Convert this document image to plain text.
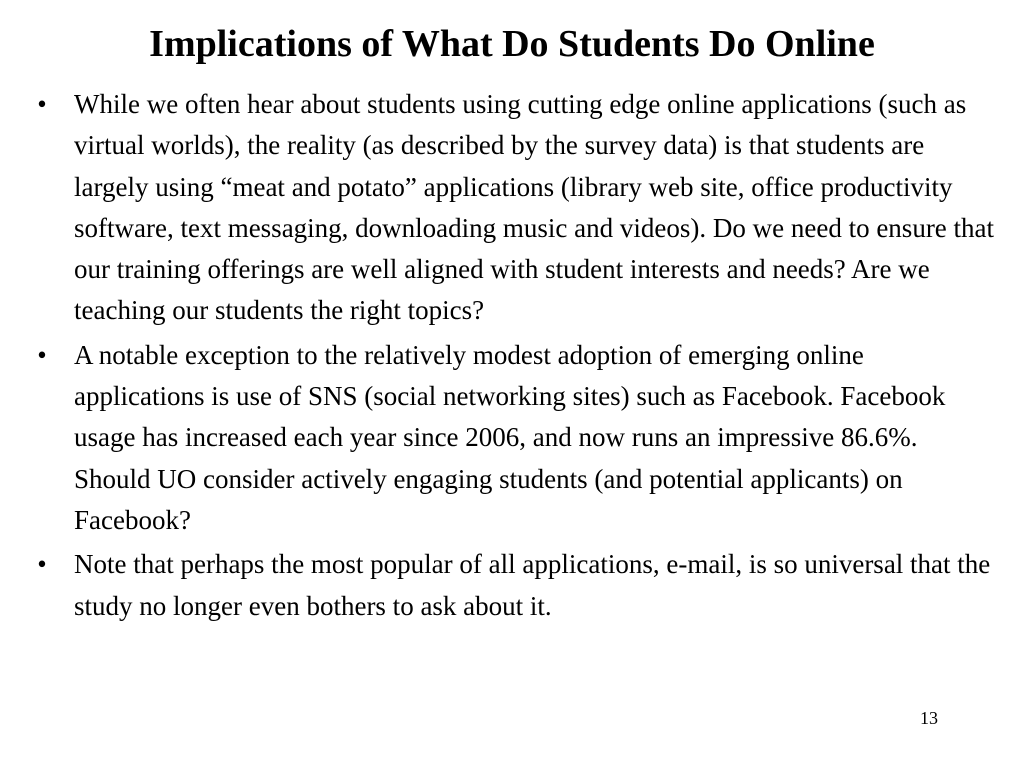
Implications of What Do Students Do Online
• While we often hear about students using cutting edge online applications (such as virtual worlds), the reality (as described by the survey data) is that students are largely using “meat and potato” applications (library web site, office productivity software, text messaging, downloading music and videos). Do we need to ensure that our training offerings are well aligned with student interests and needs? Are we teaching our students the right topics?
• A notable exception to the relatively modest adoption of emerging online applications is use of SNS (social networking sites) such as Facebook. Facebook usage has increased each year since 2006, and now runs an impressive 86.6%. Should UO consider actively engaging students (and potential applicants) on Facebook?
• Note that perhaps the most popular of all applications, e-mail, is so universal that the study no longer even bothers to ask about it.
13
